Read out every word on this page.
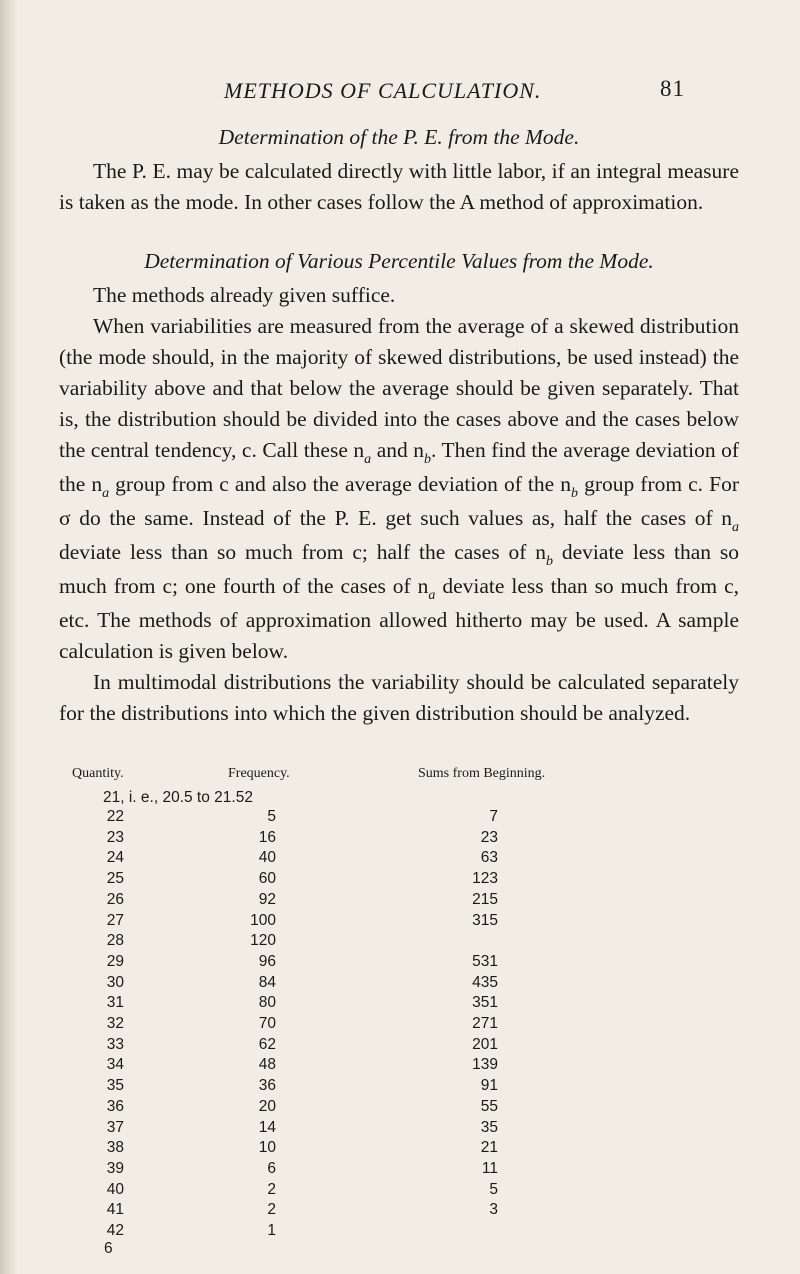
METHODS OF CALCULATION.	81
Determination of the P. E. from the Mode.

The P. E. may be calculated directly with little labor, if an integral measure is taken as the mode. In other cases follow the A method of approximation.

Determination of Various Percentile Values from the Mode.

The methods already given suffice.

When variabilities are measured from the average of a skewed distribution (the mode should, in the majority of skewed distributions, be used instead) the variability above and that below the average should be given separately. That is, the distribution should be divided into the cases above and the cases below the central tendency, c. Call these $n_a$ and $n_b$. Then find the average deviation of the $n_a$ group from c and also the average deviation of the $n_b$ group from c. For σ do the same. Instead of the P. E. get such values as, half the cases of $n_a$ deviate less than so much from c; half the cases of $n_b$ deviate less than so much from c; one fourth of the cases of $n_a$ deviate less than so much from c, etc. The methods of approximation allowed hitherto may be used. A sample calculation is given below.

In multimodal distributions the variability should be calculated separately for the distributions into which the given distribution should be analyzed.

Quantity.	Frequency.	Sums from Beginning.
21, i. e., 20.5 to 21.52
22	5	7
23	16	23
24	40	63
25	60	123
26	92	215
27	100	315
28	120
29	96	531
30	84	435
31	80	351
32	70	271
33	62	201
34	48	139
35	36	91
36	20	55
37	14	35
38	10	21
39	6	11
40	2	5
41	2	3
42	1
6
